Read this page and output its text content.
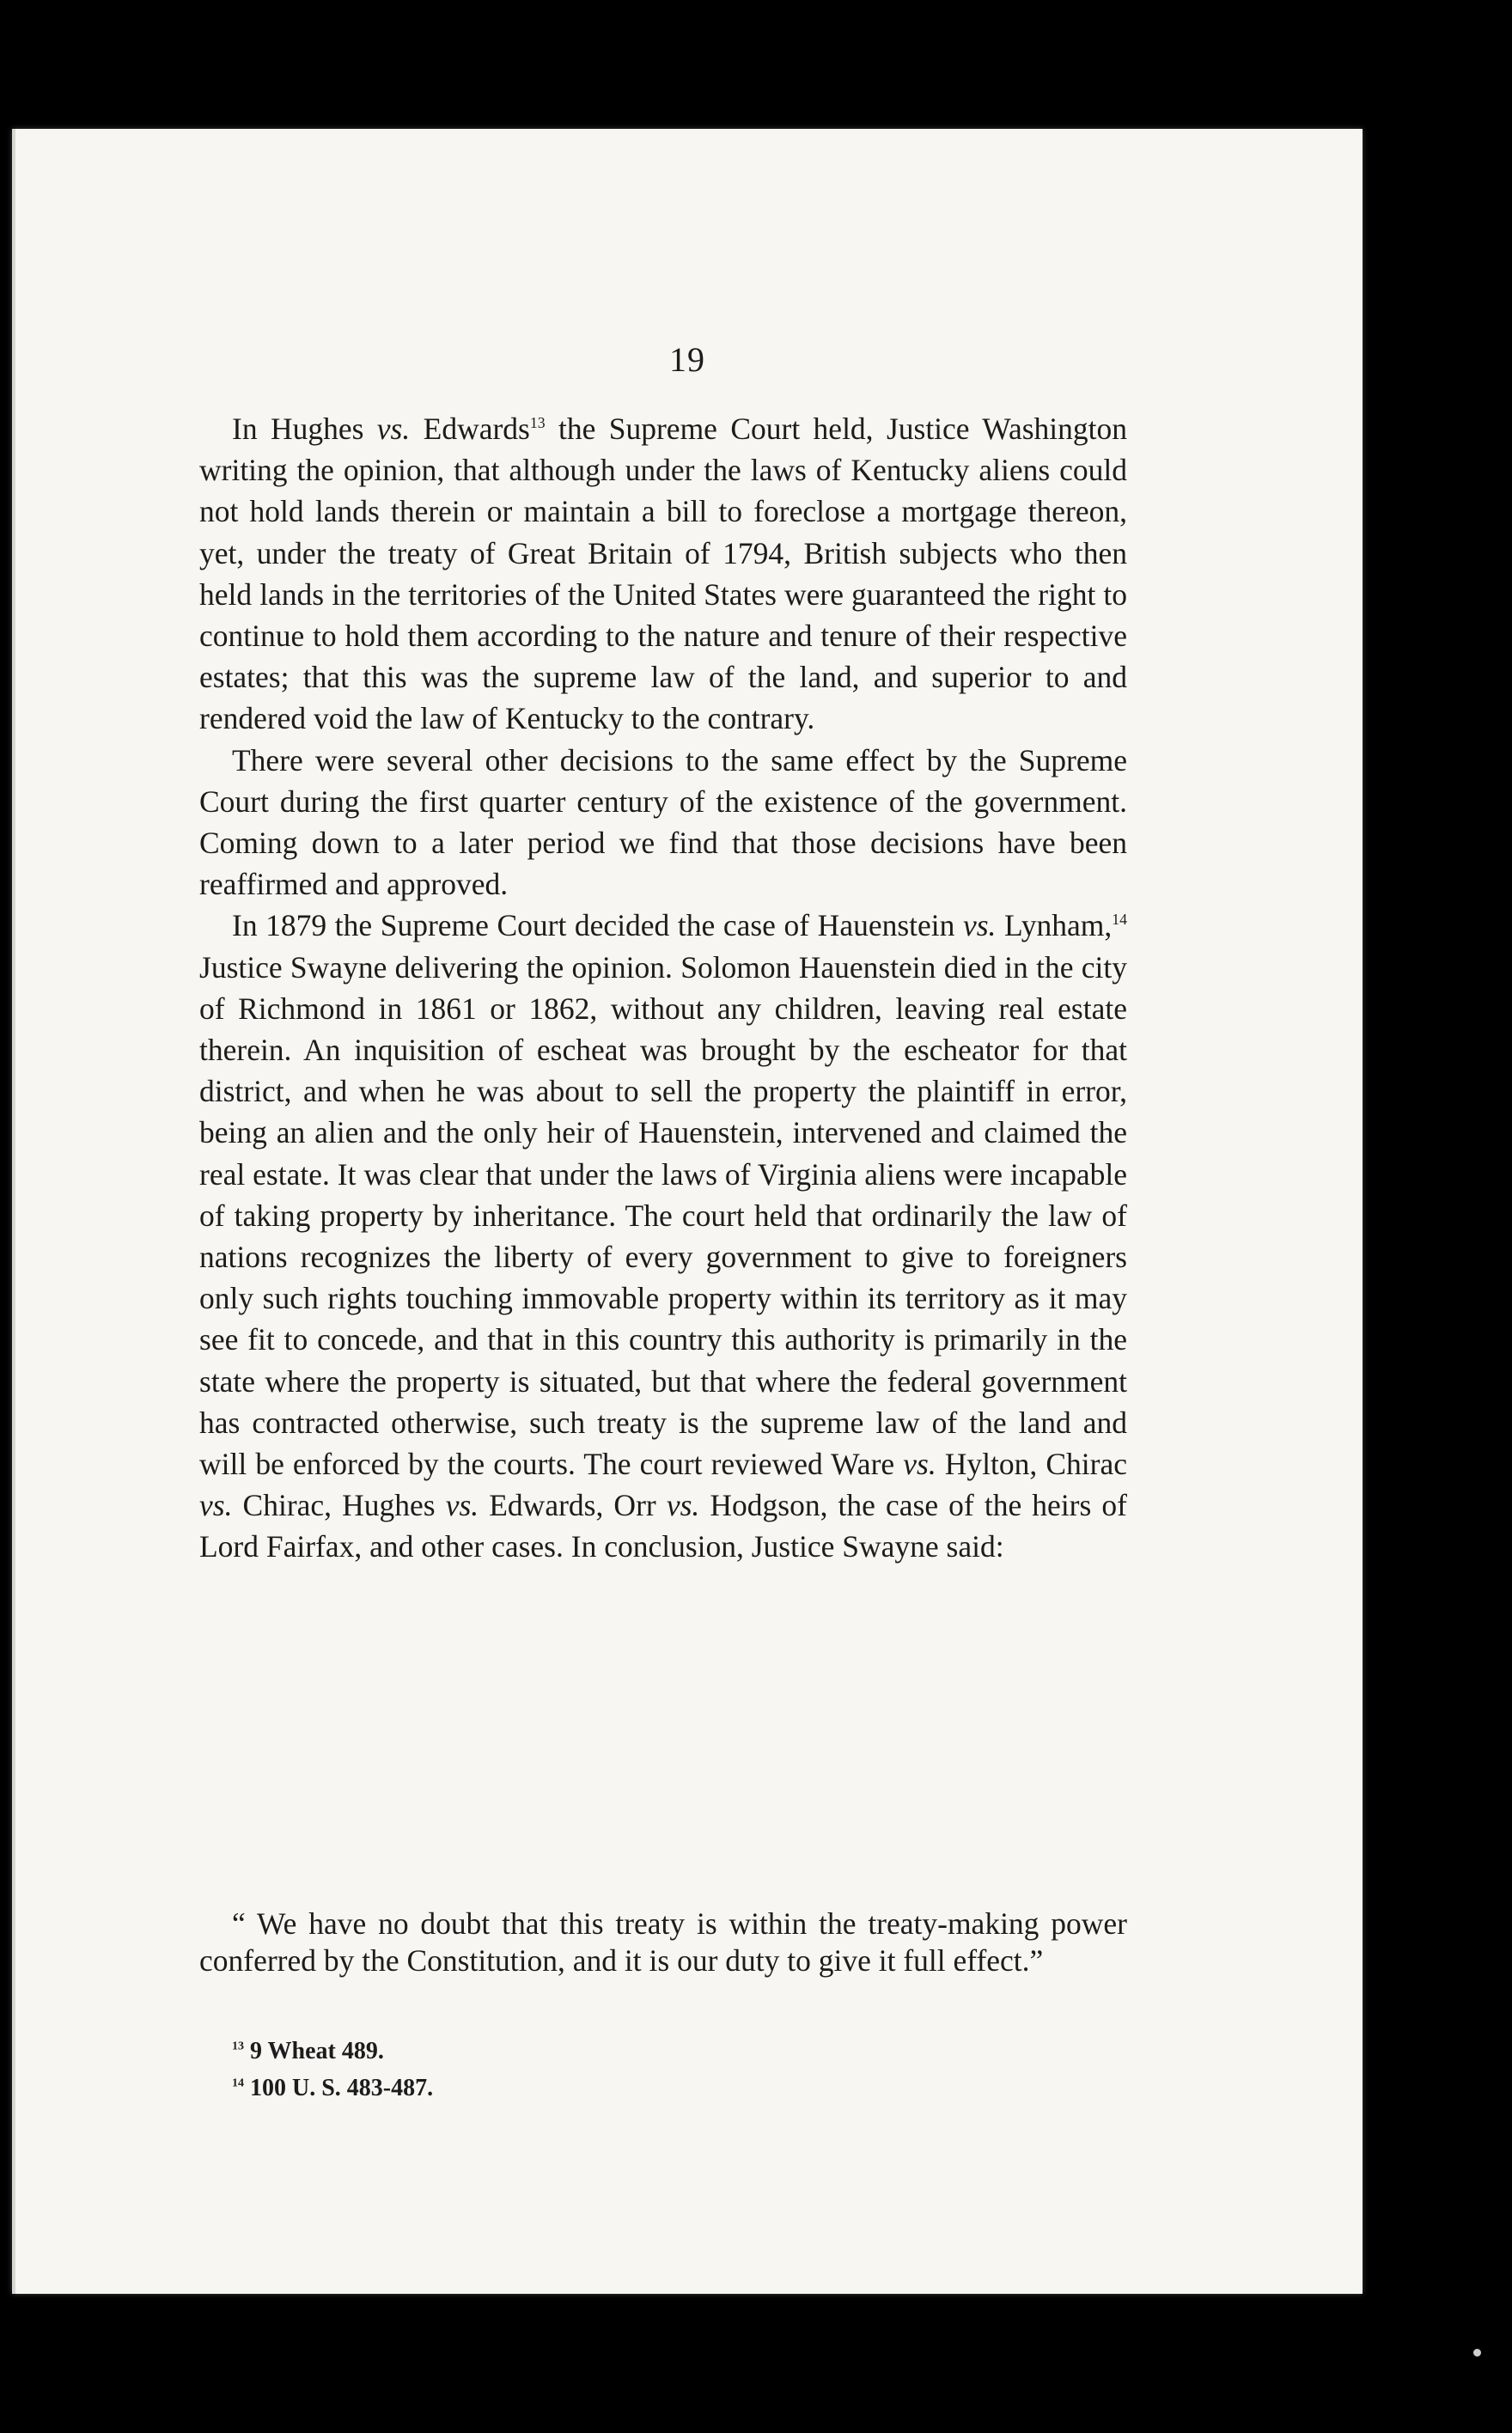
19

In Hughes vs. Edwards$^{13}$ the Supreme Court held, Justice Washington writing the opinion, that although under the laws of Kentucky aliens could not hold lands therein or maintain a bill to foreclose a mortgage thereon, yet, under the treaty of Great Britain of 1794, British subjects who then held lands in the territories of the United States were guaranteed the right to continue to hold them according to the nature and tenure of their respective estates; that this was the supreme law of the land, and superior to and rendered void the law of Kentucky to the contrary.

There were several other decisions to the same effect by the Supreme Court during the first quarter century of the existence of the government. Coming down to a later period we find that those decisions have been reaffirmed and approved.

In 1879 the Supreme Court decided the case of Hauenstein vs. Lynham,$^{14}$ Justice Swayne delivering the opinion. Solomon Hauenstein died in the city of Richmond in 1861 or 1862, without any children, leaving real estate therein. An inquisition of escheat was brought by the escheator for that district, and when he was about to sell the property the plaintiff in error, being an alien and the only heir of Hauenstein, intervened and claimed the real estate. It was clear that under the laws of Virginia aliens were incapable of taking property by inheritance. The court held that ordinarily the law of nations recognizes the liberty of every government to give to foreigners only such rights touching immovable property within its territory as it may see fit to concede, and that in this country this authority is primarily in the state where the property is situated, but that where the federal government has contracted otherwise, such treaty is the supreme law of the land and will be enforced by the courts. The court reviewed Ware vs. Hylton, Chirac vs. Chirac, Hughes vs. Edwards, Orr vs. Hodgson, the case of the heirs of Lord Fairfax, and other cases. In conclusion, Justice Swayne said:

“ We have no doubt that this treaty is within the treaty-making power conferred by the Constitution, and it is our duty to give it full effect.”

$^{13}$ 9 Wheat 489.
$^{14}$ 100 U. S. 483-487.
